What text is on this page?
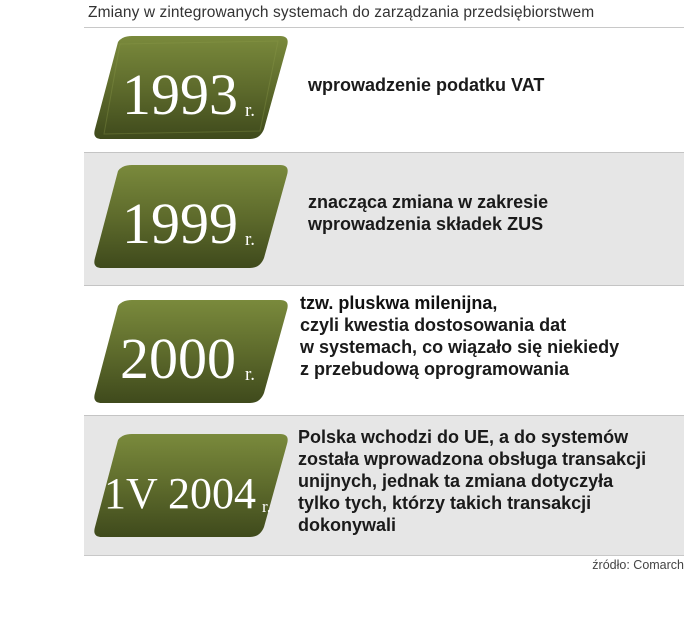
Zmiany w zintegrowanych systemach do zarządzania przedsiębiorstwem
1993 r.
wprowadzenie podatku VAT
1999 r.
znacząca zmiana w zakresie
wprowadzenia składek ZUS
2000 r.
tzw. pluskwa milenijna,
czyli kwestia dostosowania dat
w systemach, co wiązało się niekiedy
z przebudową oprogramowania
1V 2004 r.
Polska wchodzi do UE, a do systemów
została wprowadzona obsługa transakcji
unijnych, jednak ta zmiana dotyczyła
tylko tych, którzy takich transakcji
dokonywali
źródło: Comarch
